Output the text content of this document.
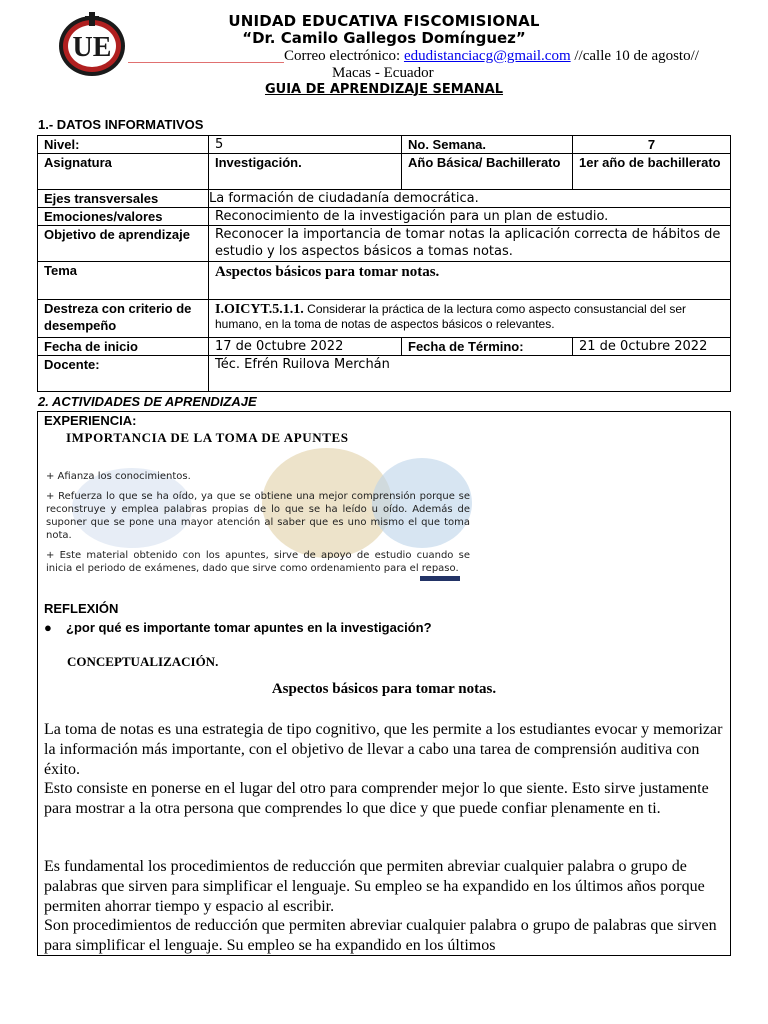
UE
UNIDAD EDUCATIVA FISCOMISIONAL
“Dr. Camilo Gallegos Domínguez”
Correo electrónico: edudistanciacg@gmail.com //calle 10 de agosto//
Macas - Ecuador
GUIA DE APRENDIZAJE SEMANAL
1.- DATOS INFORMATIVOS
Nivel:	5	No. Semana.	7
Asignatura	Investigación.	Año Básica/ Bachillerato	1er año de bachillerato
Ejes transversales	La formación de ciudadanía democrática.		
Emociones/valores	Reconocimiento de la investigación para un plan de estudio.		
Objetivo de aprendizaje	Reconocer la importancia de tomar notas la aplicación correcta de hábitos de estudio y los aspectos básicos a tomas notas.		
Tema	Aspectos básicos para tomar notas.		
Destreza con criterio de desempeño	I.OICYT.5.1.1. Considerar la práctica de la lectura como aspecto consustancial del ser humano, en la toma de notas de aspectos básicos o relevantes.		
Fecha de inicio	17 de 0ctubre 2022	Fecha de Término:	21 de 0ctubre 2022
Docente:	Téc. Efrén Ruilova Merchán		
2. ACTIVIDADES DE APRENDIZAJE
EXPERIENCIA:
IMPORTANCIA DE LA TOMA DE APUNTES
+ Afianza los conocimientos.
+ Refuerza lo que se ha oído, ya que se obtiene una mejor comprensión porque se reconstruye y emplea palabras propias de lo que se ha leído u oído. Además de suponer que se pone una mayor atención al saber que es uno mismo el que toma nota.
+ Este material obtenido con los apuntes, sirve de apoyo de estudio cuando se inicia el periodo de exámenes, dado que sirve como ordenamiento para el repaso.
REFLEXIÓN
● ¿por qué es importante tomar apuntes en la investigación?
CONCEPTUALIZACIÓN.
Aspectos básicos para tomar notas.
La toma de notas es una estrategia de tipo cognitivo, que les permite a los estudiantes evocar y memorizar la información más importante, con el objetivo de llevar a cabo una tarea de comprensión auditiva con éxito.
Esto consiste en ponerse en el lugar del otro para comprender mejor lo que siente. Esto sirve justamente para mostrar a la otra persona que comprendes lo que dice y que puede confiar plenamente en ti.
Es fundamental los procedimientos de reducción que permiten abreviar cualquier palabra o grupo de palabras que sirven para simplificar el lenguaje. Su empleo se ha expandido en los últimos años porque permiten ahorrar tiempo y espacio al escribir.
Son procedimientos de reducción que permiten abreviar cualquier palabra o grupo de palabras que sirven para simplificar el lenguaje. Su empleo se ha expandido en los últimos
